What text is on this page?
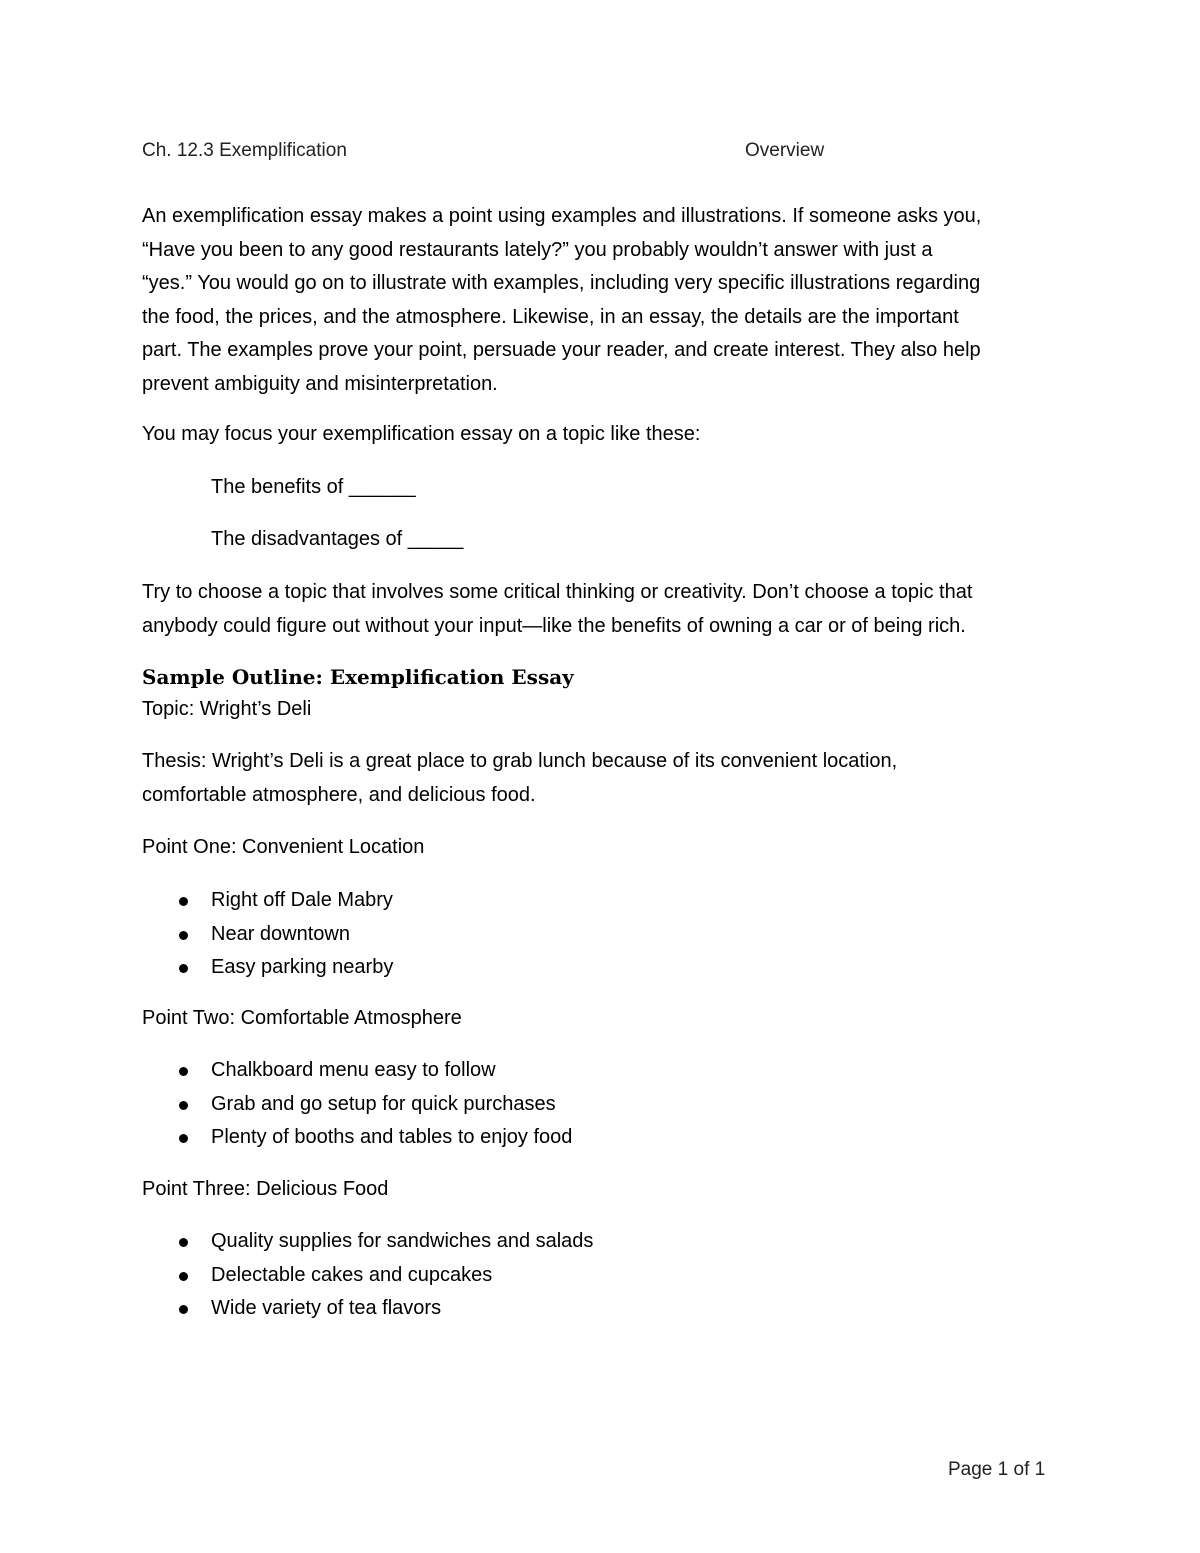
Ch. 12.3 Exemplification	Overview
An exemplification essay makes a point using examples and illustrations. If someone asks you,
“Have you been to any good restaurants lately?” you probably wouldn’t answer with just a
“yes.” You would go on to illustrate with examples, including very specific illustrations regarding
the food, the prices, and the atmosphere. Likewise, in an essay, the details are the important
part. The examples prove your point, persuade your reader, and create interest. They also help
prevent ambiguity and misinterpretation.
You may focus your exemplification essay on a topic like these:
The benefits of ______
The disadvantages of _____
Try to choose a topic that involves some critical thinking or creativity. Don’t choose a topic that
anybody could figure out without your input—like the benefits of owning a car or of being rich.
Sample Outline: Exemplification Essay
Topic: Wright’s Deli
Thesis: Wright’s Deli is a great place to grab lunch because of its convenient location,
comfortable atmosphere, and delicious food.
Point One: Convenient Location
Right off Dale Mabry
Near downtown
Easy parking nearby
Point Two: Comfortable Atmosphere
Chalkboard menu easy to follow
Grab and go setup for quick purchases
Plenty of booths and tables to enjoy food
Point Three: Delicious Food
Quality supplies for sandwiches and salads
Delectable cakes and cupcakes
Wide variety of tea flavors
Page 1 of 1
